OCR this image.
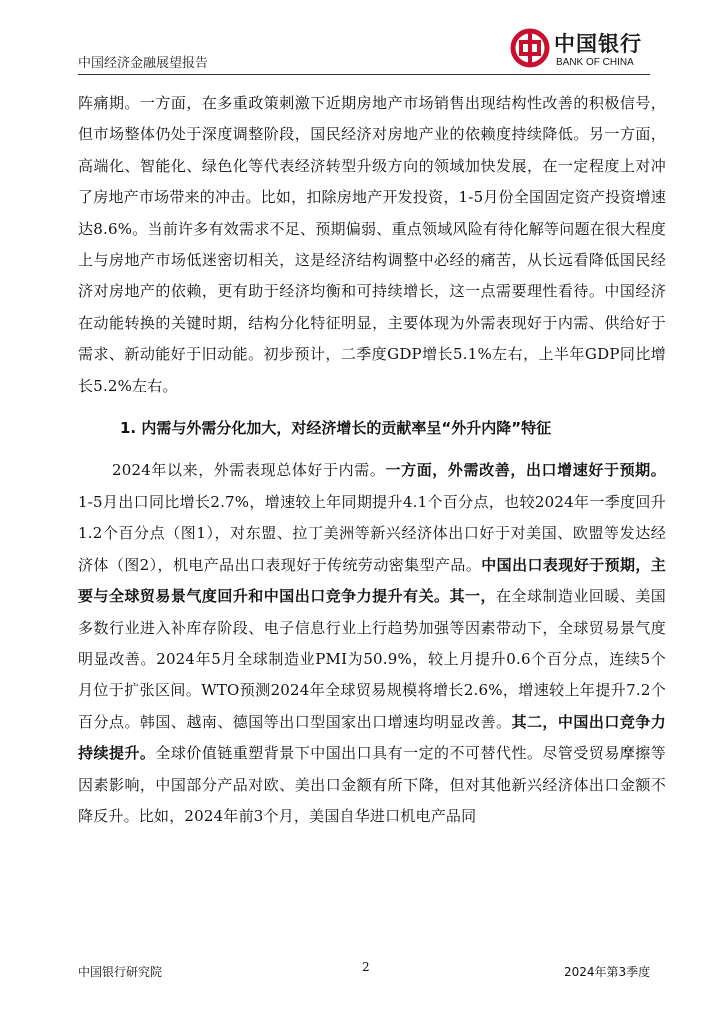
中国经济金融展望报告
中国银行
BANK OF CHINA

阵痛期。一方面，在多重政策刺激下近期房地产市场销售出现结构性改善的积极信号，但市场整体仍处于深度调整阶段，国民经济对房地产业的依赖度持续降低。另一方面，高端化、智能化、绿色化等代表经济转型升级方向的领域加快发展，在一定程度上对冲了房地产市场带来的冲击。比如，扣除房地产开发投资，1-5月份全国固定资产投资增速达8.6%。当前许多有效需求不足、预期偏弱、重点领域风险有待化解等问题在很大程度上与房地产市场低迷密切相关，这是经济结构调整中必经的痛苦，从长远看降低国民经济对房地产的依赖，更有助于经济均衡和可持续增长，这一点需要理性看待。中国经济在动能转换的关键时期，结构分化特征明显，主要体现为外需表现好于内需、供给好于需求、新动能好于旧动能。初步预计，二季度GDP增长5.1%左右，上半年GDP同比增长5.2%左右。

1. 内需与外需分化加大，对经济增长的贡献率呈“外升内降”特征

2024年以来，外需表现总体好于内需。一方面，外需改善，出口增速好于预期。1-5月出口同比增长2.7%，增速较上年同期提升4.1个百分点，也较2024年一季度回升1.2个百分点（图1），对东盟、拉丁美洲等新兴经济体出口好于对美国、欧盟等发达经济体（图2），机电产品出口表现好于传统劳动密集型产品。中国出口表现好于预期，主要与全球贸易景气度回升和中国出口竞争力提升有关。其一，在全球制造业回暖、美国多数行业进入补库存阶段、电子信息行业上行趋势加强等因素带动下，全球贸易景气度明显改善。2024年5月全球制造业PMI为50.9%，较上月提升0.6个百分点，连续5个月位于扩张区间。WTO预测2024年全球贸易规模将增长2.6%，增速较上年提升7.2个百分点。韩国、越南、德国等出口型国家出口增速均明显改善。其二，中国出口竞争力持续提升。全球价值链重塑背景下中国出口具有一定的不可替代性。尽管受贸易摩擦等因素影响，中国部分产品对欧、美出口金额有所下降，但对其他新兴经济体出口金额不降反升。比如，2024年前3个月，美国自华进口机电产品同

中国银行研究院	2	2024年第3季度
